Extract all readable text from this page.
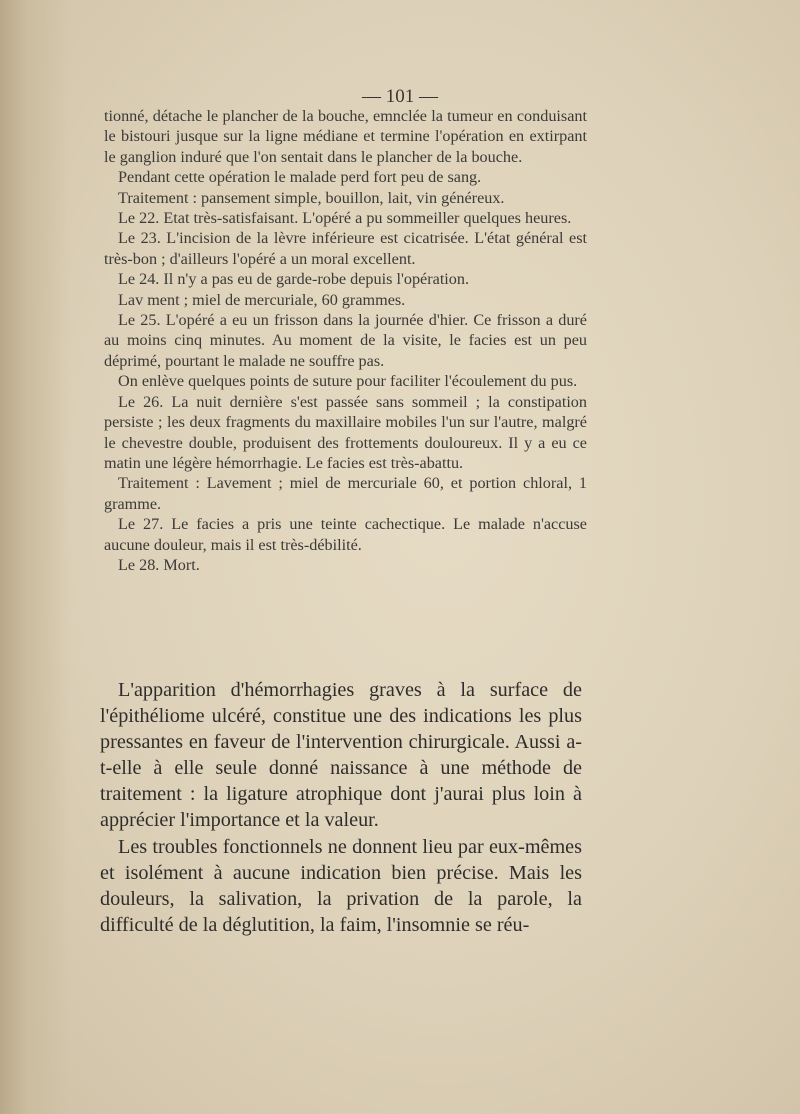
— 101 —

tionné, détache le plancher de la bouche, emnclée la tumeur en conduisant le bistouri jusque sur la ligne médiane et termine l'opération en extirpant le ganglion induré que l'on sentait dans le plancher de la bouche.

Pendant cette opération le malade perd fort peu de sang.

Traitement : pansement simple, bouillon, lait, vin généreux.

Le 22. Etat très-satisfaisant. L'opéré a pu sommeiller quelques heures.

Le 23. L'incision de la lèvre inférieure est cicatrisée. L'état général est très-bon ; d'ailleurs l'opéré a un moral excellent.

Le 24. Il n'y a pas eu de garde-robe depuis l'opération.

Lav ment ; miel de mercuriale, 60 grammes.

Le 25. L'opéré a eu un frisson dans la journée d'hier. Ce frisson a duré au moins cinq minutes. Au moment de la visite, le facies est un peu déprimé, pourtant le malade ne souffre pas.

On enlève quelques points de suture pour faciliter l'écoulement du pus.

Le 26. La nuit dernière s'est passée sans sommeil ; la constipation persiste ; les deux fragments du maxillaire mobiles l'un sur l'autre, malgré le chevestre double, produisent des frottements douloureux. Il y a eu ce matin une légère hémorrhagie. Le facies est très-abattu.

Traitement : Lavement ; miel de mercuriale 60, et portion chloral, 1 gramme.

Le 27. Le facies a pris une teinte cachectique. Le malade n'accuse aucune douleur, mais il est très-débilité.

Le 28. Mort.

L'apparition d'hémorrhagies graves à la surface de l'épithéliome ulcéré, constitue une des indications les plus pressantes en faveur de l'intervention chirurgicale. Aussi a-t-elle à elle seule donné naissance à une méthode de traitement : la ligature atrophique dont j'aurai plus loin à apprécier l'importance et la valeur.

Les troubles fonctionnels ne donnent lieu par eux-mêmes et isolément à aucune indication bien précise. Mais les douleurs, la salivation, la privation de la parole, la difficulté de la déglutition, la faim, l'insomnie se réu-
